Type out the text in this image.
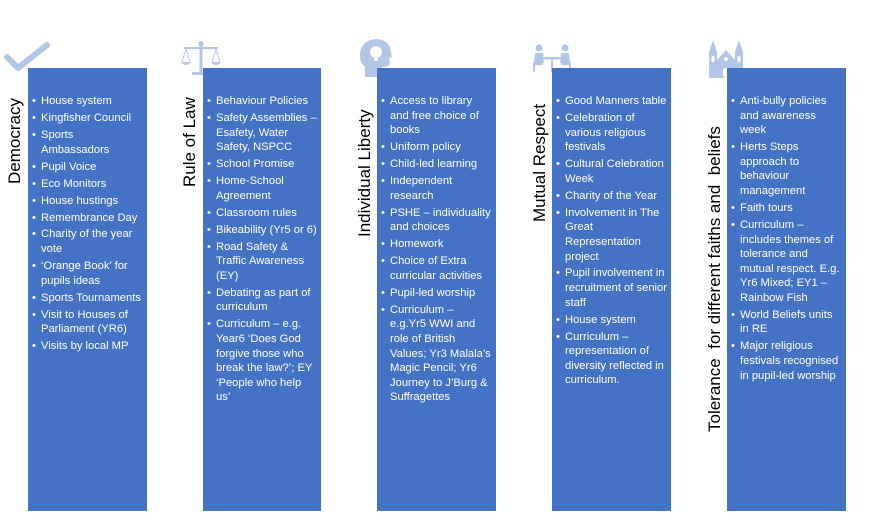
Democracy	Rule of Law	Individual Liberty	Mutual Respect	Tolerance  for different faiths and  beliefs
• House system
• Kingfisher Council
• Sports Ambassadors
• Pupil Voice
• Eco Monitors
• House hustings
• Remembrance Day
• Charity of the year vote
• ‘Orange Book’ for pupils ideas
• Sports Tournaments
• Visit to Houses of Parliament (YR6)
• Visits by local MP
• Behaviour Policies
• Safety Assemblies – Esafety, Water Safety, NSPCC
• School Promise
• Home-School Agreement
• Classroom rules
• Bikeability (Yr5 or 6)
• Road Safety & Traffic Awareness (EY)
• Debating as part of curriculum
• Curriculum – e.g. Year6 ‘Does God forgive those who break the law?’; EY ‘People who help us’
• Access to library and free choice of books
• Uniform policy
• Child-led learning
• Independent research
• PSHE – individuality and choices
• Homework
• Choice of Extra curricular activities
• Pupil-led worship
• Curriculum – e.g.Yr5 WWI and role of British Values; Yr3 Malala’s Magic Pencil; Yr6 Journey to J’Burg & Suffragettes
• Good Manners table
• Celebration of various religious festivals
• Cultural Celebration Week
• Charity of the Year
• Involvement in The Great Representation project
• Pupil involvement in recruitment of senior staff
• House system
• Curriculum – representation of diversity reflected in curriculum.
• Anti-bully policies and awareness week
• Herts Steps approach to behaviour management
• Faith tours
• Curriculum – includes themes of tolerance and mutual respect. E.g. Yr6 Mixed; EY1 – Rainbow Fish
• World Beliefs units in RE
• Major religious festivals recognised in pupil-led worship
